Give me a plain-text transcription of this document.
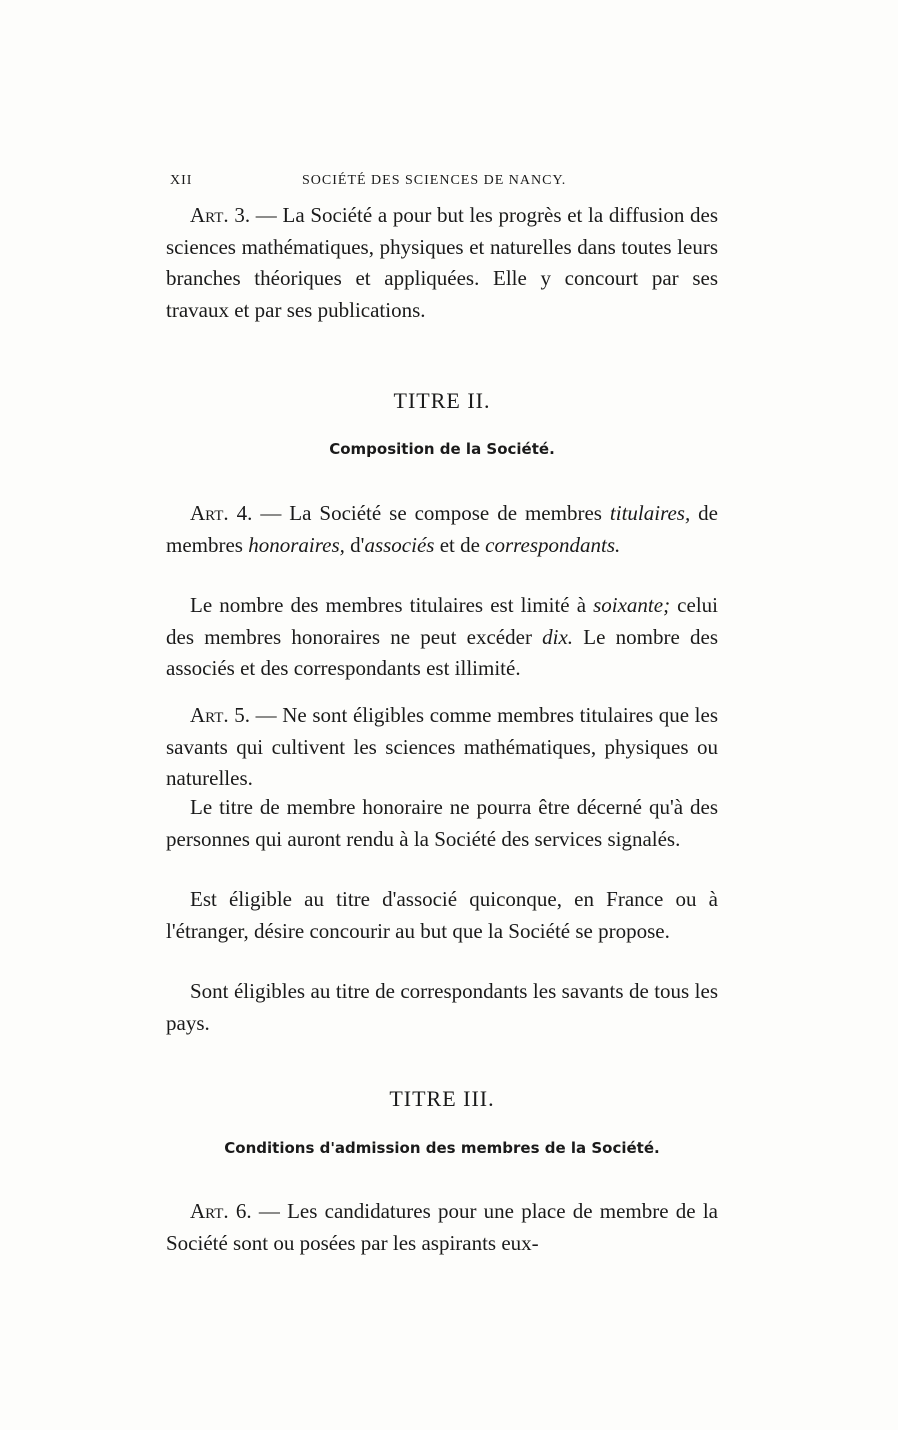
XII	SOCIÉTÉ DES SCIENCES DE NANCY.
Art. 3. — La Société a pour but les progrès et la diffusion des sciences mathématiques, physiques et naturelles dans toutes leurs branches théoriques et appliquées. Elle y concourt par ses travaux et par ses publications.
TITRE II.
Composition de la Société.
Art. 4. — La Société se compose de membres titulaires, de membres honoraires, d'associés et de correspondants.
Le nombre des membres titulaires est limité à soixante; celui des membres honoraires ne peut excéder dix. Le nombre des associés et des correspondants est illimité.
Art. 5. — Ne sont éligibles comme membres titulaires que les savants qui cultivent les sciences mathématiques, physiques ou naturelles.
Le titre de membre honoraire ne pourra être décerné qu'à des personnes qui auront rendu à la Société des services signalés.
Est éligible au titre d'associé quiconque, en France ou à l'étranger, désire concourir au but que la Société se propose.
Sont éligibles au titre de correspondants les savants de tous les pays.
TITRE III.
Conditions d'admission des membres de la Société.
Art. 6. — Les candidatures pour une place de membre de la Société sont ou posées par les aspirants eux-
